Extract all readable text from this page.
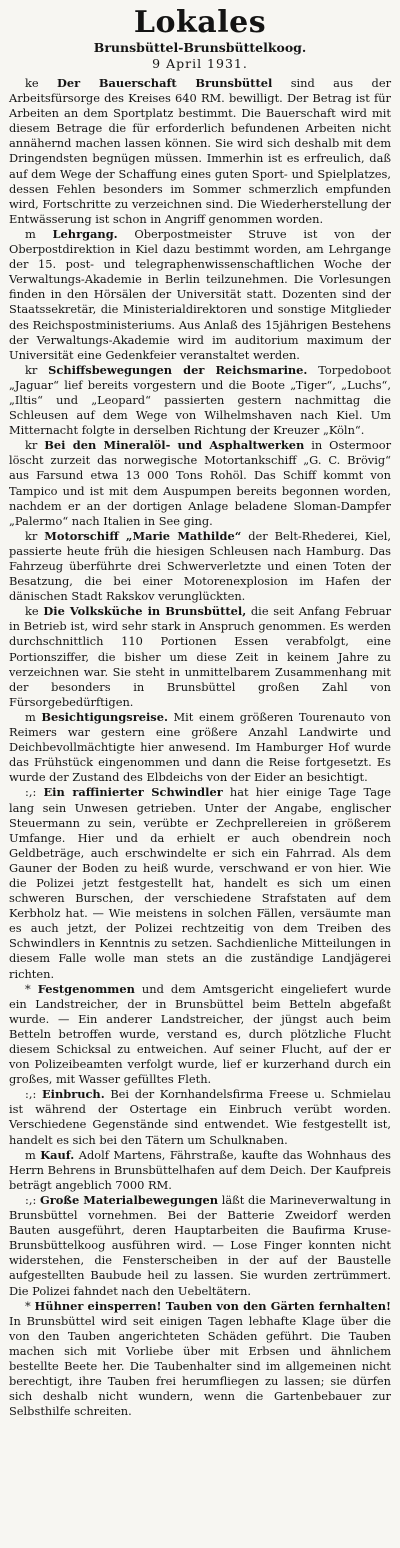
Lokales

Brunsbüttel-Brunsbüttelkoog.

9 April 1931.

ke Der Bauerschaft Brunsbüttel sind aus der Arbeitsfürsorge des Kreises 640 RM. bewilligt. Der Betrag ist für Arbeiten an dem Sportplatz bestimmt. Die Bauerschaft wird mit diesem Betrage die für erforderlich befundenen Arbeiten nicht annähernd machen lassen können. Sie wird sich deshalb mit dem Dringendsten begnügen müssen. Immerhin ist es erfreulich, daß auf dem Wege der Schaffung eines guten Sport- und Spielplatzes, dessen Fehlen besonders im Sommer schmerzlich empfunden wird, Fortschritte zu verzeichnen sind. Die Wiederherstellung der Entwässerung ist schon in Angriff genommen worden.

m Lehrgang. Oberpostmeister Struve ist von der Oberpostdirektion in Kiel dazu bestimmt worden, am Lehrgange der 15. post- und telegraphenwissenschaftlichen Woche der Verwaltungs-Akademie in Berlin teilzunehmen. Die Vorlesungen finden in den Hörsälen der Universität statt. Dozenten sind der Staatssekretär, die Ministerialdirektoren und sonstige Mitglieder des Reichspostministeriums. Aus Anlaß des 15jährigen Bestehens der Verwaltungs-Akademie wird im auditorium maximum der Universität eine Gedenkfeier veranstaltet werden.

kr Schiffsbewegungen der Reichsmarine. Torpedoboot „Jaguar“ lief bereits vorgestern und die Boote „Tiger“, „Luchs“, „Iltis“ und „Leopard“ passierten gestern nachmittag die Schleusen auf dem Wege von Wilhelmshaven nach Kiel. Um Mitternacht folgte in derselben Richtung der Kreuzer „Köln“.

kr Bei den Mineralöl- und Asphaltwerken in Ostermoor löscht zurzeit das norwegische Motortankschiff „G. C. Brövig“ aus Farsund etwa 13 000 Tons Rohöl. Das Schiff kommt von Tampico und ist mit dem Auspumpen bereits begonnen worden, nachdem er an der dortigen Anlage beladene Sloman-Dampfer „Palermo“ nach Italien in See ging.

kr Motorschiff „Marie Mathilde“ der Belt-Rhederei, Kiel, passierte heute früh die hiesigen Schleusen nach Hamburg. Das Fahrzeug überführte drei Schwerverletzte und einen Toten der Besatzung, die bei einer Motorenexplosion im Hafen der dänischen Stadt Rakskov verunglückten.

ke Die Volksküche in Brunsbüttel, die seit Anfang Februar in Betrieb ist, wird sehr stark in Anspruch genommen. Es werden durchschnittlich 110 Portionen Essen verabfolgt, eine Portionsziffer, die bisher um diese Zeit in keinem Jahre zu verzeichnen war. Sie steht in unmittelbarem Zusammenhang mit der besonders in Brunsbüttel großen Zahl von Fürsorgebedürftigen.

m Besichtigungsreise. Mit einem größeren Tourenauto von Reimers war gestern eine größere Anzahl Landwirte und Deichbevollmächtigte hier anwesend. Im Hamburger Hof wurde das Frühstück eingenommen und dann die Reise fortgesetzt. Es wurde der Zustand des Elbdeichs von der Eider an besichtigt.

:,: Ein raffinierter Schwindler hat hier einige Tage Tage lang sein Unwesen getrieben. Unter der Angabe, englischer Steuermann zu sein, verübte er Zechprellereien in größerem Umfange. Hier und da erhielt er auch obendrein noch Geldbeträge, auch erschwindelte er sich ein Fahrrad. Als dem Gauner der Boden zu heiß wurde, verschwand er von hier. Wie die Polizei jetzt festgestellt hat, handelt es sich um einen schweren Burschen, der verschiedene Strafstaten auf dem Kerbholz hat. — Wie meistens in solchen Fällen, versäumte man es auch jetzt, der Polizei rechtzeitig von dem Treiben des Schwindlers in Kenntnis zu setzen. Sachdienliche Mitteilungen in diesem Falle wolle man stets an die zuständige Landjägerei richten.

* Festgenommen und dem Amtsgericht eingeliefert wurde ein Landstreicher, der in Brunsbüttel beim Betteln abgefaßt wurde. — Ein anderer Landstreicher, der jüngst auch beim Betteln betroffen wurde, verstand es, durch plötzliche Flucht diesem Schicksal zu entweichen. Auf seiner Flucht, auf der er von Polizeibeamten verfolgt wurde, lief er kurzerhand durch ein großes, mit Wasser gefülltes Fleth.

:,: Einbruch. Bei der Kornhandelsfirma Freese u. Schmielau ist während der Ostertage ein Einbruch verübt worden. Verschiedene Gegenstände sind entwendet. Wie festgestellt ist, handelt es sich bei den Tätern um Schulknaben.

m Kauf. Adolf Martens, Fährstraße, kaufte das Wohnhaus des Herrn Behrens in Brunsbüttelhafen auf dem Deich. Der Kaufpreis beträgt angeblich 7000 RM.

:,: Große Materialbewegungen läßt die Marineverwaltung in Brunsbüttel vornehmen. Bei der Batterie Zweidorf werden Bauten ausgeführt, deren Hauptarbeiten die Baufirma Kruse-Brunsbüttelkoog ausführen wird. — Lose Finger konnten nicht widerstehen, die Fensterscheiben in der auf der Baustelle aufgestellten Baubude heil zu lassen. Sie wurden zertrümmert. Die Polizei fahndet nach den Uebeltätern.

* Hühner einsperren! Tauben von den Gärten fernhalten! In Brunsbüttel wird seit einigen Tagen lebhafte Klage über die von den Tauben angerichteten Schäden geführt. Die Tauben machen sich mit Vorliebe über mit Erbsen und ähnlichem bestellte Beete her. Die Taubenhalter sind im allgemeinen nicht berechtigt, ihre Tauben frei herumfliegen zu lassen; sie dürfen sich deshalb nicht wundern, wenn die Gartenbebauer zur Selbsthilfe schreiten.
